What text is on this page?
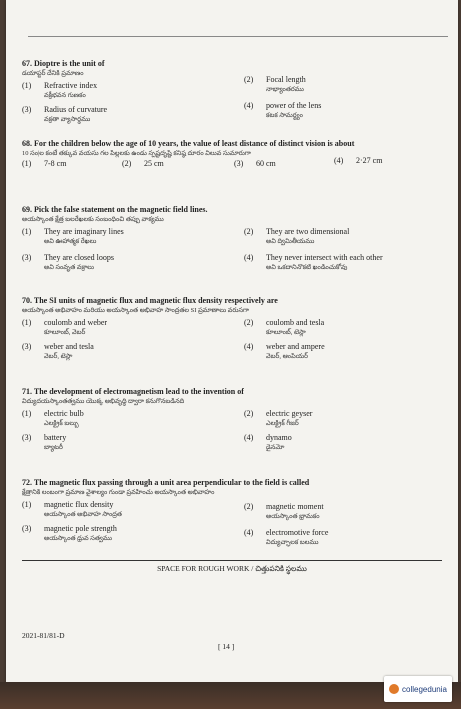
67. Dioptre is the unit of
డయాప్టర్ దేనికి ప్రమాణం
(1) Refractive index
వక్రీభవన గుణకం
(2) Focal length
నాభ్యాంతరము
(3) Radius of curvature
వక్రతా వ్యాసార్థము
(4) power of the lens
కటక సామర్థ్యం
68. For the children below the age of 10 years, the value of least distance of distinct vision is about
10 సం|ల కంటే తక్కువ వయసు గల పిల్లలకు ఉండు స్పష్టదృష్టి కనిష్ఠ దూరం విలువ సుమారుగా
(1) 7-8 cm	(2) 25 cm	(3) 60 cm	(4) 2·27 cm
69. Pick the false statement on the magnetic field lines.
అయస్కాంత క్షేత్ర బలరేఖలకు సంబంధించి తప్పు వాక్యము
(1) They are imaginary lines
అవి ఊహాత్మక రేఖలు
(2) They are two dimensional
అవి ద్విమితీయము
(3) They are closed loops
అవి సంవృత వక్రాలు
(4) They never intersect with each other
అవి ఒకదానినొకటి ఖండించుకోవు
70. The SI units of magnetic flux and magnetic flux density respectively are
అయస్కాంత అభివాహం మరియు అయస్కాంత అభివాహ సాంద్రతల SI ప్రమాణాలు వరుసగా
(1) coulomb and weber
కూలూంబ్, వెబర్
(2) coulomb and tesla
కూలూంబ్, టెస్లా
(3) weber and tesla
వెబర్, టెస్లా
(4) weber and ampere
వెబర్, ఆంపియర్
71. The development of electromagnetism lead to the invention of
విద్యుదయస్కాంతత్వము యొక్క అభివృద్ధి ద్వారా కనుగొనబడినది
(1) electric bulb
ఎలక్ట్రిక్ బల్బు
(2) electric geyser
ఎలక్ట్రిక్ గీజర్
(3) battery
బ్యాటరీ
(4) dynamo
డైనమో
72. The magnetic flux passing through a unit area perpendicular to the field is called
క్షేత్రానికి లంబంగా ప్రమాణ వైశాల్యం గుండా ప్రవహించు అయస్కాంత అభివాహం
(1) magnetic flux density
అయస్కాంత అభివాహ సాంద్రత
(2) magnetic moment
అయస్కాంత భ్రామకం
(3) magnetic pole strength
అయస్కాంత ధ్రువ సత్వము
(4) electromotive force
విద్యుచ్ఛాలక బలము
SPACE FOR ROUGH WORK / చిత్తుపనికి స్థలము
2021-81/81-D
[ 14 ]
collegedunia
